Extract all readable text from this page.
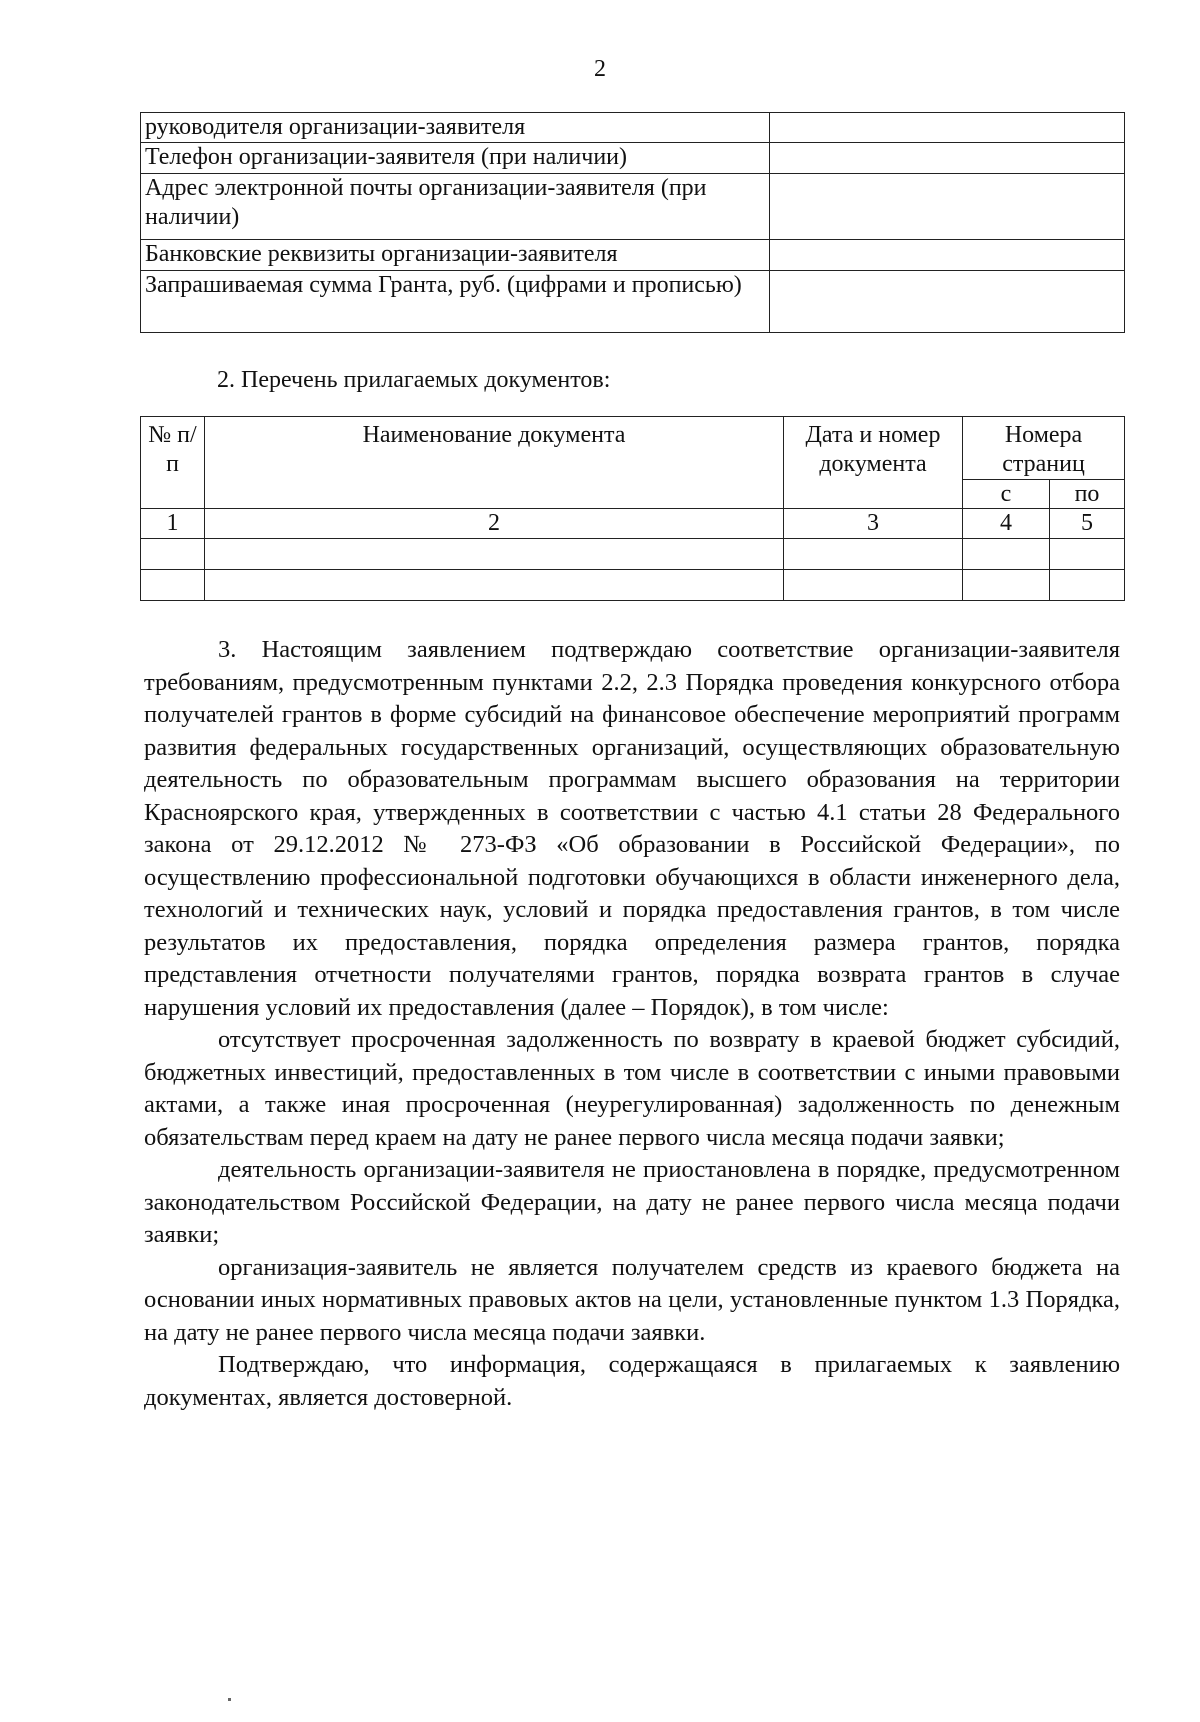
2
руководителя организации-заявителя	
Телефон организации-заявителя (при наличии)	
Адрес электронной почты организации-заявителя (при наличии)	
Банковские реквизиты организации-заявителя	
Запрашиваемая сумма Гранта, руб. (цифрами и прописью)	
2. Перечень прилагаемых документов:
№ п/п	Наименование документа	Дата и номер документа	Номера страниц	
			с	по
1	2	3	4	5

3. Настоящим заявлением подтверждаю соответствие организации-заявителя требованиям, предусмотренным пунктами 2.2, 2.3 Порядка проведения конкурсного отбора получателей грантов в форме субсидий на финансовое обеспечение мероприятий программ развития федеральных государственных организаций, осуществляющих образовательную деятельность по образовательным программам высшего образования на территории Красноярского края, утвержденных в соответствии с частью 4.1 статьи 28 Федерального закона от 29.12.2012 № 273-ФЗ «Об образовании в Российской Федерации», по осуществлению профессиональной подготовки обучающихся в области инженерного дела, технологий и технических наук, условий и порядка предоставления грантов, в том числе результатов их предоставления, порядка определения размера грантов, порядка представления отчетности получателями грантов, порядка возврата грантов в случае нарушения условий их предоставления (далее – Порядок), в том числе:

отсутствует просроченная задолженность по возврату в краевой бюджет субсидий, бюджетных инвестиций, предоставленных в том числе в соответствии с иными правовыми актами, а также иная просроченная (неурегулированная) задолженность по денежным обязательствам перед краем на дату не ранее первого числа месяца подачи заявки;

деятельность организации-заявителя не приостановлена в порядке, предусмотренном законодательством Российской Федерации, на дату не ранее первого числа месяца подачи заявки;

организация-заявитель не является получателем средств из краевого бюджета на основании иных нормативных правовых актов на цели, установленные пунктом 1.3 Порядка, на дату не ранее первого числа месяца подачи заявки.

Подтверждаю, что информация, содержащаяся в прилагаемых к заявлению документах, является достоверной.
